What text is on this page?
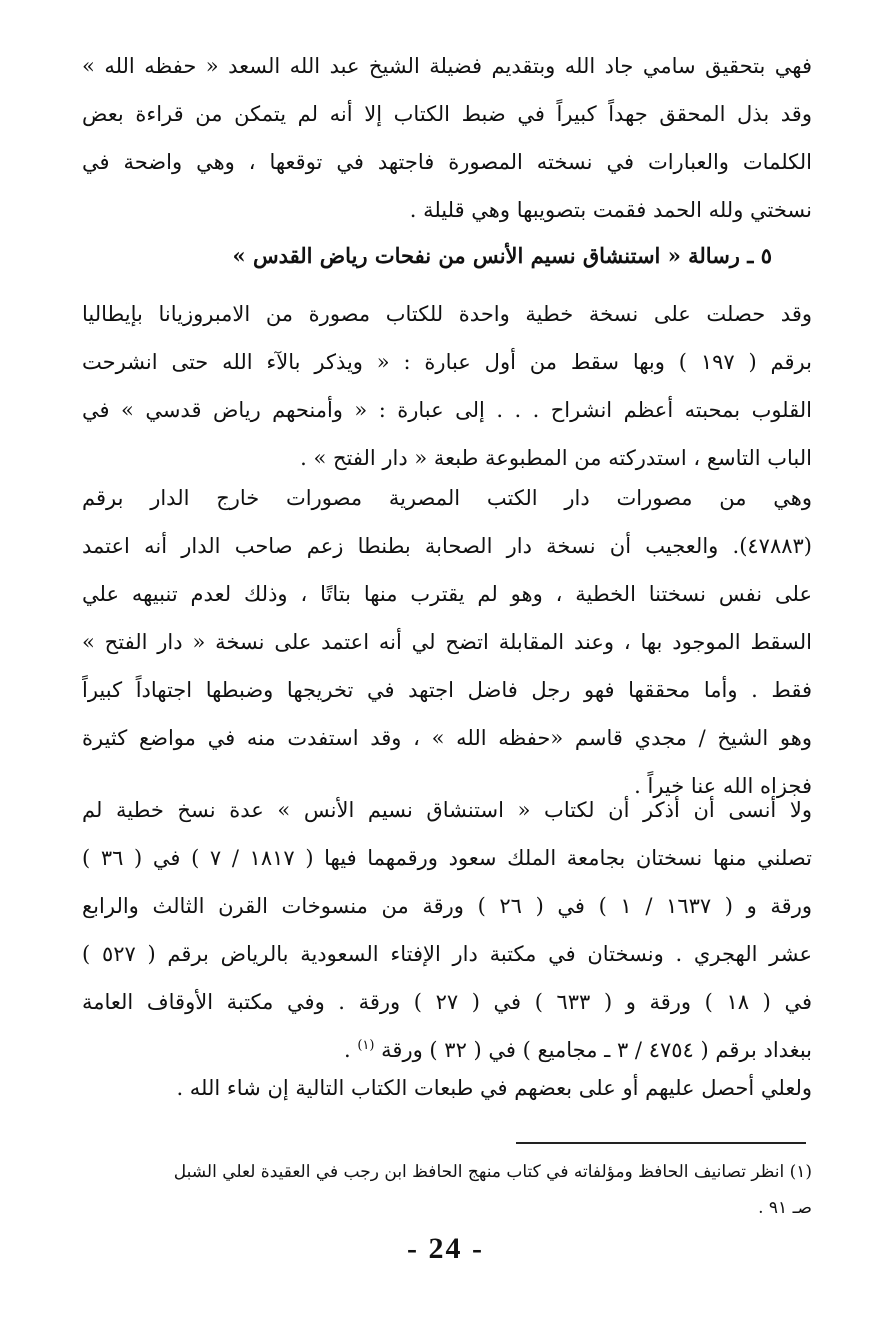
فهي بتحقيق سامي جاد الله وبتقديم فضيلة الشيخ عبد الله السعد « حفظه الله »
وقد بذل المحقق جهداً كبيراً في ضبط الكتاب إلا أنه لم يتمكن من قراءة بعض
الكلمات والعبارات في نسخته المصورة فاجتهد في توقعها ، وهي واضحة في
نسختي ولله الحمد فقمت بتصويبها وهي قليلة .
٥ ـ رسالة « استنشاق نسيم الأنس من نفحات رياض القدس »
وقد حصلت على نسخة خطية واحدة للكتاب مصورة من الامبروزيانا بإيطاليا
برقم ( ١٩٧ ) وبها سقط من أول عبارة : « ويذكر بالآء الله حتى انشرحت
القلوب بمحبته أعظم انشراح . . . إلى عبارة : « وأمنحهم رياض قدسي » في
الباب التاسع ، استدركته من المطبوعة طبعة « دار الفتح » .
وهي من مصورات دار الكتب المصرية مصورات خارج الدار برقم
(٤٧٨٨٣). والعجيب أن نسخة دار الصحابة بطنطا زعم صاحب الدار أنه اعتمد
على نفس نسختنا الخطية ، وهو لم يقترب منها بتاتًا ، وذلك لعدم تنبيهه علي
السقط الموجود بها ، وعند المقابلة اتضح لي أنه اعتمد على نسخة « دار الفتح »
فقط . وأما محققها فهو رجل فاضل اجتهد في تخريجها وضبطها اجتهاداً كبيراً
وهو الشيخ / مجدي قاسم «حفظه الله » ، وقد استفدت منه في مواضع كثيرة
فجزاه الله عنا خيراً .
ولا أنسى أن أذكر أن لكتاب « استنشاق نسيم الأنس » عدة نسخ خطية لم
تصلني منها نسختان بجامعة الملك سعود ورقمهما فيها ( ١٨١٧ / ٧ ) في ( ٣٦ )
ورقة و ( ١٦٣٧ / ١ ) في ( ٢٦ ) ورقة من منسوخات القرن الثالث والرابع
عشر الهجري . ونسختان في مكتبة دار الإفتاء السعودية بالرياض برقم ( ٥٢٧ )
في ( ١٨ ) ورقة و ( ٦٣٣ ) في ( ٢٧ ) ورقة . وفي مكتبة الأوقاف العامة
ببغداد برقم ( ٤٧٥٤ / ٣ ـ مجاميع ) في ( ٣٢ ) ورقة $^{(١)}$ .
ولعلي أحصل عليهم أو على بعضهم في طبعات الكتاب التالية إن شاء الله .
(١) انظر تصانيف الحافظ ومؤلفاته في كتاب منهج الحافظ ابن رجب في العقيدة لعلي الشبل
صـ ٩١ .
- 24 -
